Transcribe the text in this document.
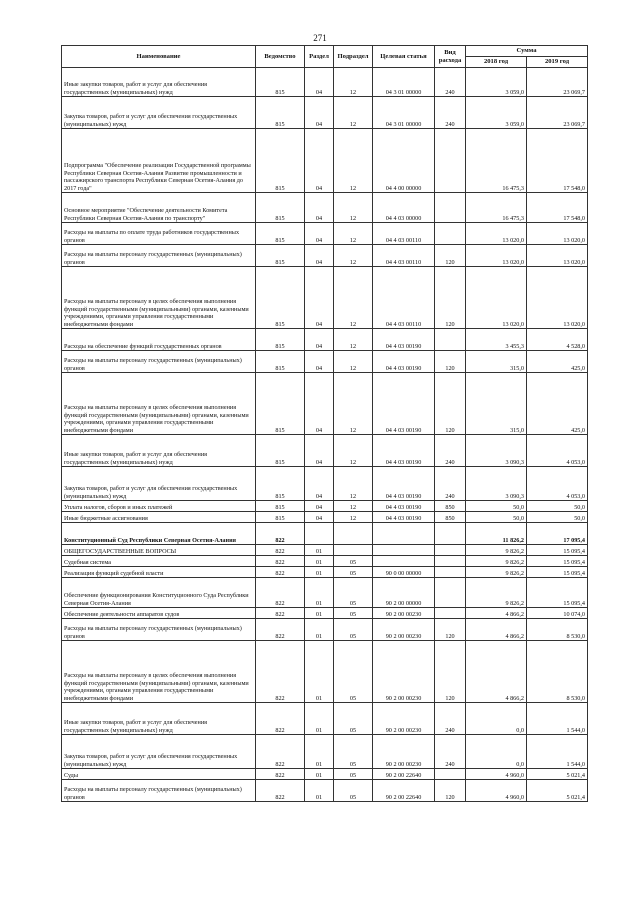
271
Наименование	Ведомство	Раздел	Подраздел	Целевая статья	Вид расхода	Сумма	
						2018 год	2019 год
Иные закупки товаров, работ и услуг для обеспечения государственных (муниципальных) нужд	815	04	12	04 3 01 00000	240	3 059,0	23 069,7
Закупка товаров, работ и услуг для обеспечения государственных (муниципальных) нужд	815	04	12	04 3 01 00000	240	3 059,0	23 069,7
Подпрограмма "Обеспечение реализации Государственной программы Республики Северная Осетия-Алания Развитие промышленности и пассажирского транспорта Республики Северная Осетия-Алания до 2017 года"	815	04	12	04 4 00 00000		16 475,3	17 548,0
Основное мероприятие "Обеспечение деятельности Комитета Республики Северная Осетия-Алания по транспорту"	815	04	12	04 4 03 00000		16 475,3	17 548,0
Расходы на выплаты по оплате труда работников государственных органов	815	04	12	04 4 03 00110		13 020,0	13 020,0
Расходы на выплаты персоналу государственных (муниципальных) органов	815	04	12	04 4 03 00110	120	13 020,0	13 020,0
Расходы на выплаты персоналу в целях обеспечения выполнения функций государственными (муниципальными) органами, казенными учреждениями, органами управления государственными внебюджетными фондами	815	04	12	04 4 03 00110	120	13 020,0	13 020,0
Расходы на обеспечение функций государственных органов	815	04	12	04 4 03 00190		3 455,3	4 528,0
Расходы на выплаты персоналу государственных (муниципальных) органов	815	04	12	04 4 03 00190	120	315,0	425,0
Расходы на выплаты персоналу в целях обеспечения выполнения функций государственными (муниципальными) органами, казенными учреждениями, органами управления государственными внебюджетными фондами	815	04	12	04 4 03 00190	120	315,0	425,0
Иные закупки товаров, работ и услуг для обеспечения государственных (муниципальных) нужд	815	04	12	04 4 03 00190	240	3 090,3	4 053,0
Закупка товаров, работ и услуг для обеспечения государственных (муниципальных) нужд	815	04	12	04 4 03 00190	240	3 090,3	4 053,0
Уплата налогов, сборов и иных платежей	815	04	12	04 4 03 00190	850	50,0	50,0
Иные бюджетные ассигнования	815	04	12	04 4 03 00190	850	50,0	50,0
Конституционный Суд Республики Северная Осетия-Алания	822					11 826,2	17 095,4
ОБЩЕГОСУДАРСТВЕННЫЕ ВОПРОСЫ	822	01				9 826,2	15 095,4
Судебная система	822	01	05			9 826,2	15 095,4
Реализация функций судебной власти	822	01	05	90 0 00 00000		9 826,2	15 095,4
Обеспечение функционирования Конституционного Суда Республики Северная Осетия-Алания	822	01	05	90 2 00 00000		9 826,2	15 095,4
Обеспечение деятельности аппаратов судов	822	01	05	90 2 00 00230		4 866,2	10 074,0
Расходы на выплаты персоналу государственных (муниципальных) органов	822	01	05	90 2 00 00230	120	4 866,2	8 530,0
Расходы на выплаты персоналу в целях обеспечения выполнения функций государственными (муниципальными) органами, казенными учреждениями, органами управления государственными внебюджетными фондами	822	01	05	90 2 00 00230	120	4 866,2	8 530,0
Иные закупки товаров, работ и услуг для обеспечения государственных (муниципальных) нужд	822	01	05	90 2 00 00230	240	0,0	1 544,0
Закупка товаров, работ и услуг для обеспечения государственных (муниципальных) нужд	822	01	05	90 2 00 00230	240	0,0	1 544,0
Суды	822	01	05	90 2 00 22640		4 960,0	5 021,4
Расходы на выплаты персоналу государственных (муниципальных) органов	822	01	05	90 2 00 22640	120	4 960,0	5 021,4
